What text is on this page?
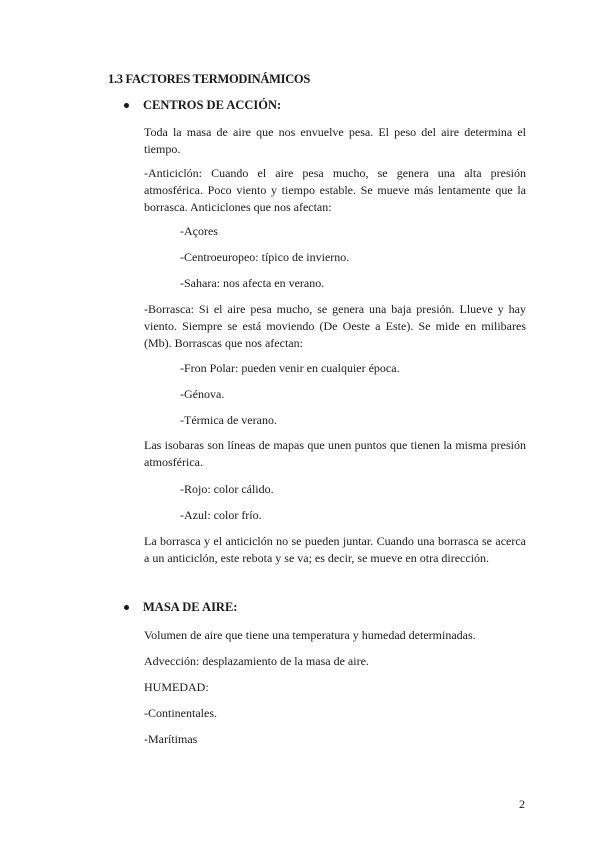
1.3 FACTORES TERMODINÁMICOS
CENTROS DE ACCIÓN:
Toda la masa de aire que nos envuelve pesa. El peso del aire determina el tiempo.
-Anticiclón: Cuando el aire pesa mucho, se genera una alta presión atmosférica. Poco viento y tiempo estable. Se mueve más lentamente que la borrasca. Anticiclones que nos afectan:
-Açores
-Centroeuropeo: típico de invierno.
-Sahara: nos afecta en verano.
-Borrasca: Si el aire pesa mucho, se genera una baja presión. Llueve y hay viento. Siempre se está moviendo (De Oeste a Este). Se mide en milibares (Mb). Borrascas que nos afectan:
-Fron Polar: pueden venir en cualquier época.
-Génova.
-Térmica de verano.
Las isobaras son líneas de mapas que unen puntos que tienen la misma presión atmosférica.
-Rojo: color cálido.
-Azul: color frío.
La borrasca y el anticiclón no se pueden juntar. Cuando una borrasca se acerca a un anticiclón, este rebota y se va; es decir, se mueve en otra dirección.
MASA DE AIRE:
Volumen de aire que tiene una temperatura y humedad determinadas.
Advección: desplazamiento de la masa de aire.
HUMEDAD:
-Continentales.
-Marítimas
2
